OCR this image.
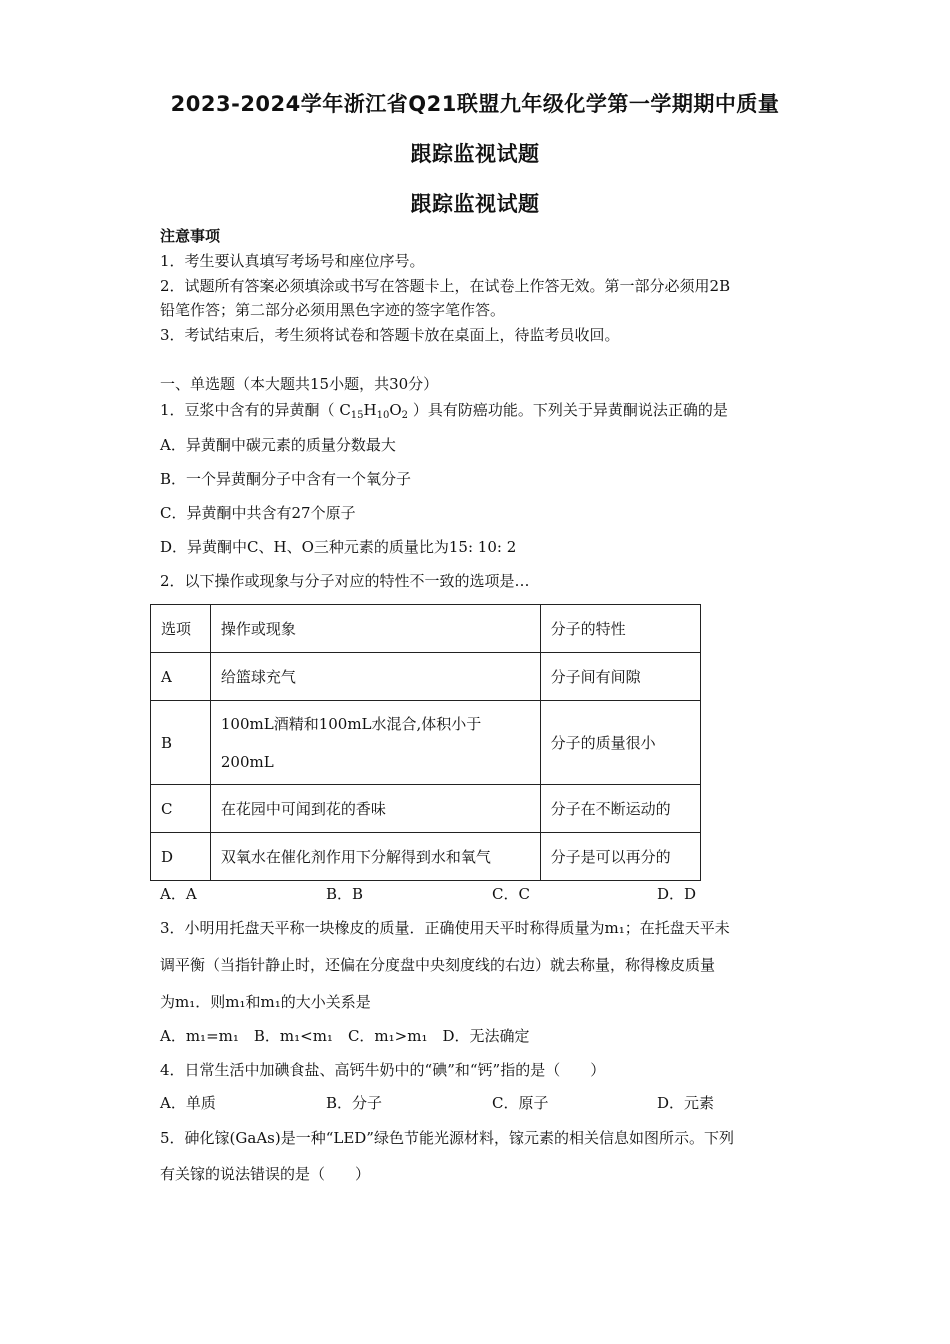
2023-2024学年浙江省Q21联盟九年级化学第一学期期中质量
跟踪监视试题
跟踪监视试题
注意事项
1．考生要认真填写考场号和座位序号。
2．试题所有答案必须填涂或书写在答题卡上，在试卷上作答无效。第一部分必须用2B
铅笔作答；第二部分必须用黑色字迹的签字笔作答。
3．考试结束后，考生须将试卷和答题卡放在桌面上，待监考员收回。
一、单选题（本大题共15小题，共30分）
1．豆浆中含有的异黄酮（ $C_{15}H_{10}O_2$ ）具有防癌功能。下列关于异黄酮说法正确的是
A．异黄酮中碳元素的质量分数最大
B．一个异黄酮分子中含有一个氧分子
C．异黄酮中共含有27个原子
D．异黄酮中C、H、O三种元素的质量比为15: 10: 2
2．以下操作或现象与分子对应的特性不一致的选项是…
选项	操作或现象	分子的特性
A	给篮球充气	分子间有间隙
B	100mL酒精和100mL水混合,体积小于
200mL	分子的质量很小
C	在花园中可闻到花的香味	分子在不断运动的
D	双氧水在催化剂作用下分解得到水和氧气	分子是可以再分的
A．A	B．B	C．C	D．D
3．小明用托盘天平称一块橡皮的质量．正确使用天平时称得质量为m₁；在托盘天平未
调平衡（当指针静止时，还偏在分度盘中央刻度线的右边）就去称量，称得橡皮质量
为m₁．则m₁和m₁的大小关系是
A．m₁=m₁　B．m₁<m₁　C．m₁>m₁　D．无法确定
4．日常生活中加碘食盐、高钙牛奶中的“碘”和“钙”指的是（　　）
A．单质	B．分子	C．原子	D．元素
5．砷化镓(GaAs)是一种“LED”绿色节能光源材料，镓元素的相关信息如图所示。下列
有关镓的说法错误的是（　　）
